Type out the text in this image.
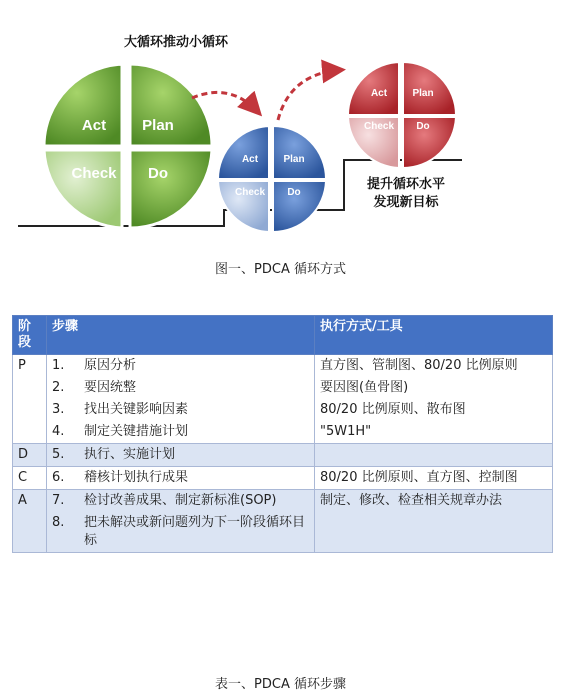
Act Plan
Check Do
Act	Plan
Check Do
Act	Plan
Check Do
大循环推动小循环
提升循环水平
发现新目标
图一、PDCA 循环方式
阶段	步骤	执行方式/工具
P	1. 原因分析	直方图、管制图、80/20 比例原则

	2. 要因统整	要因图(鱼骨图)

	3. 找出关键影响因素	80/20 比例原则、散布图

	4. 制定关键措施计划	"5W1H"
D	5. 执行、实施计划	

C	6. 稽核计划执行成果	80/20 比例原则、直方图、控制图
A	7. 检讨改善成果、制定新标准(SOP)	制定、修改、检查相关规章办法

	8. 把未解决或新问题列为下一阶段循环目标	

表一、PDCA 循环步骤
